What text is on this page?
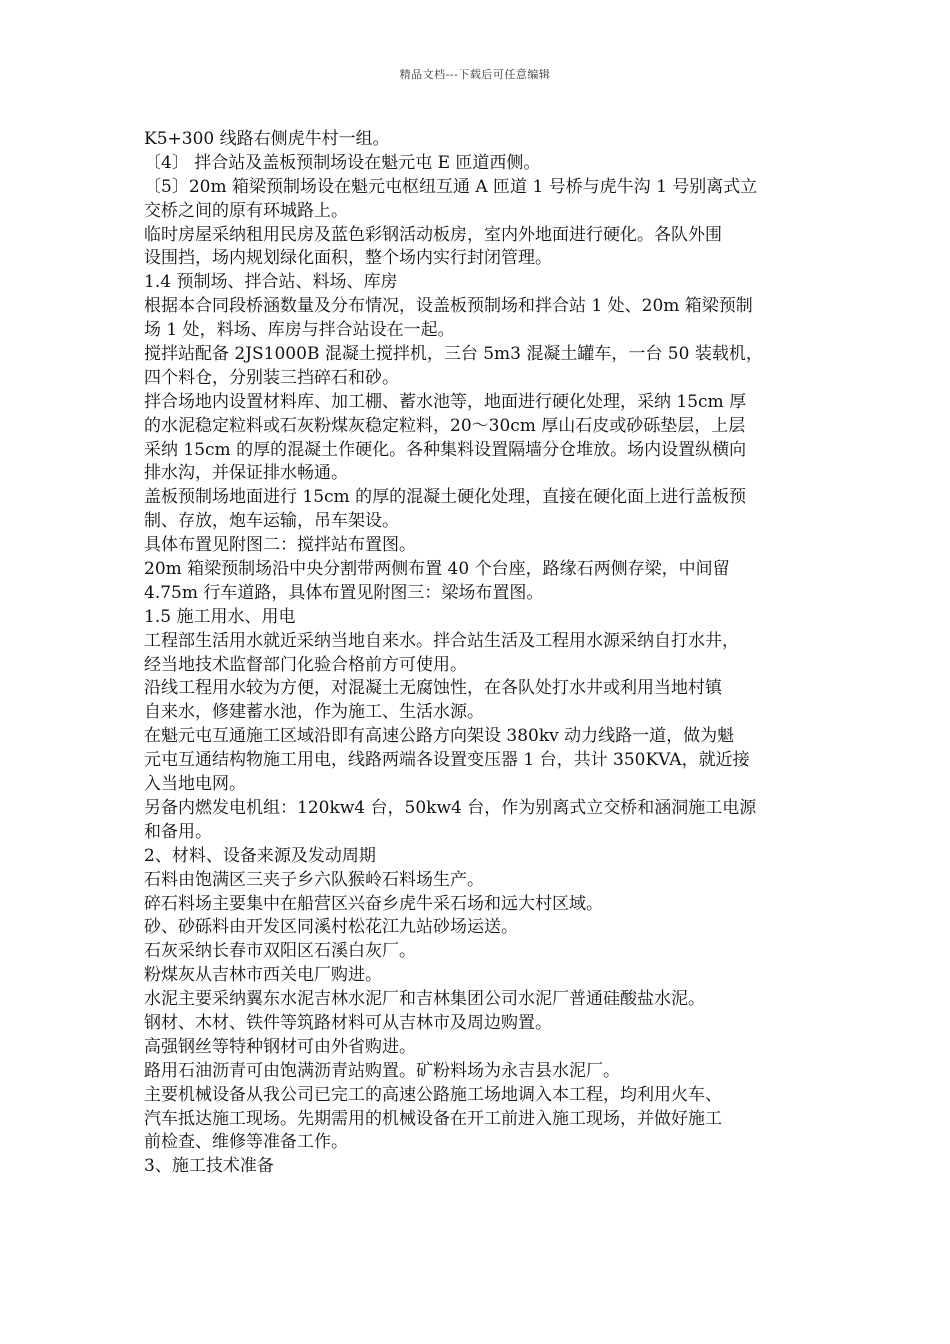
精品文档---下载后可任意编辑
K5+300 线路右侧虎牛村一组。
〔4〕 拌合站及盖板预制场设在魁元屯 E 匝道西侧。
〔5〕20m 箱梁预制场设在魁元屯枢纽互通 A 匝道 1 号桥与虎牛沟 1 号别离式立
交桥之间的原有环城路上。
临时房屋采纳租用民房及蓝色彩钢活动板房，室内外地面进行硬化。各队外围
设围挡，场内规划绿化面积，整个场内实行封闭管理。
1.4 预制场、拌合站、料场、库房
根据本合同段桥涵数量及分布情况，设盖板预制场和拌合站 1 处、20m 箱梁预制
场 1 处，料场、库房与拌合站设在一起。
搅拌站配备 2JS1000B 混凝土搅拌机，三台 5m3 混凝土罐车，一台 50 装载机，
四个料仓，分别装三挡碎石和砂。
拌合场地内设置材料库、加工棚、蓄水池等，地面进行硬化处理，采纳 15cm 厚
的水泥稳定粒料或石灰粉煤灰稳定粒料，20～30cm 厚山石皮或砂砾垫层，上层
采纳 15cm 的厚的混凝土作硬化。各种集料设置隔墙分仓堆放。场内设置纵横向
排水沟，并保证排水畅通。
盖板预制场地面进行 15cm 的厚的混凝土硬化处理，直接在硬化面上进行盖板预
制、存放，炮车运输，吊车架设。
具体布置见附图二：搅拌站布置图。
20m 箱梁预制场沿中央分割带两侧布置 40 个台座，路缘石两侧存梁，中间留
4.75m 行车道路，具体布置见附图三：梁场布置图。
1.5 施工用水、用电
工程部生活用水就近采纳当地自来水。拌合站生活及工程用水源采纳自打水井，
经当地技术监督部门化验合格前方可使用。
沿线工程用水较为方便，对混凝土无腐蚀性，在各队处打水井或利用当地村镇
自来水，修建蓄水池，作为施工、生活水源。
在魁元屯互通施工区域沿即有高速公路方向架设 380kv 动力线路一道，做为魁
元屯互通结构物施工用电，线路两端各设置变压器 1 台，共计 350KVA，就近接
入当地电网。
另备内燃发电机组：120kw4 台，50kw4 台，作为别离式立交桥和涵洞施工电源
和备用。
2、材料、设备来源及发动周期
石料由饱满区三夹子乡六队猴岭石料场生产。
碎石料场主要集中在船营区兴奋乡虎牛采石场和远大村区域。
砂、砂砾料由开发区同溪村松花江九站砂场运送。
石灰采纳长春市双阳区石溪白灰厂。
粉煤灰从吉林市西关电厂购进。
水泥主要采纳翼东水泥吉林水泥厂和吉林集团公司水泥厂普通硅酸盐水泥。
钢材、木材、铁件等筑路材料可从吉林市及周边购置。
高强钢丝等特种钢材可由外省购进。
路用石油沥青可由饱满沥青站购置。矿粉料场为永吉县水泥厂。
主要机械设备从我公司已完工的高速公路施工场地调入本工程，均利用火车、
汽车抵达施工现场。先期需用的机械设备在开工前进入施工现场，并做好施工
前检查、维修等准备工作。
3、施工技术准备
